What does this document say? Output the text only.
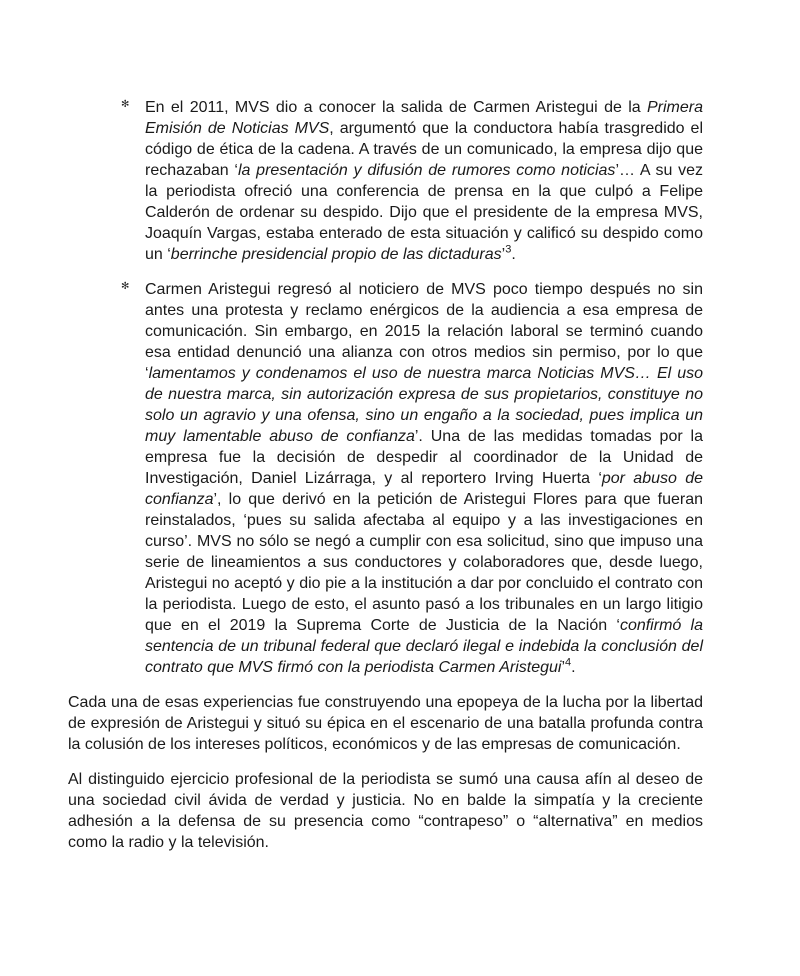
✻ En el 2011, MVS dio a conocer la salida de Carmen Aristegui de la Primera Emisión de Noticias MVS, argumentó que la conductora había trasgredido el código de ética de la cadena. A través de un comunicado, la empresa dijo que rechazaban ‘la presentación y difusión de rumores como noticias’… A su vez la periodista ofreció una conferencia de prensa en la que culpó a Felipe Calderón de ordenar su despido. Dijo que el presidente de la empresa MVS, Joaquín Vargas, estaba enterado de esta situación y calificó su despido como un ‘berrinche presidencial propio de las dictaduras’$^3$.

✻ Carmen Aristegui regresó al noticiero de MVS poco tiempo después no sin antes una protesta y reclamo enérgicos de la audiencia a esa empresa de comunicación. Sin embargo, en 2015 la relación laboral se terminó cuando esa entidad denunció una alianza con otros medios sin permiso, por lo que ‘lamentamos y condenamos el uso de nuestra marca Noticias MVS… El uso de nuestra marca, sin autorización expresa de sus propietarios, constituye no solo un agravio y una ofensa, sino un engaño a la sociedad, pues implica un muy lamentable abuso de confianza’. Una de las medidas tomadas por la empresa fue la decisión de despedir al coordinador de la Unidad de Investigación, Daniel Lizárraga, y al reportero Irving Huerta ‘por abuso de confianza’, lo que derivó en la petición de Aristegui Flores para que fueran reinstalados, ‘pues su salida afectaba al equipo y a las investigaciones en curso’. MVS no sólo se negó a cumplir con esa solicitud, sino que impuso una serie de lineamientos a sus conductores y colaboradores que, desde luego, Aristegui no aceptó y dio pie a la institución a dar por concluido el contrato con la periodista. Luego de esto, el asunto pasó a los tribunales en un largo litigio que en el 2019 la Suprema Corte de Justicia de la Nación ‘confirmó la sentencia de un tribunal federal que declaró ilegal e indebida la conclusión del contrato que MVS firmó con la periodista Carmen Aristegui’$^4$.

Cada una de esas experiencias fue construyendo una epopeya de la lucha por la libertad de expresión de Aristegui y situó su épica en el escenario de una batalla profunda contra la colusión de los intereses políticos, económicos y de las empresas de comunicación.

Al distinguido ejercicio profesional de la periodista se sumó una causa afín al deseo de una sociedad civil ávida de verdad y justicia. No en balde la simpatía y la creciente adhesión a la defensa de su presencia como “contrapeso” o “alternativa” en medios como la radio y la televisión.
